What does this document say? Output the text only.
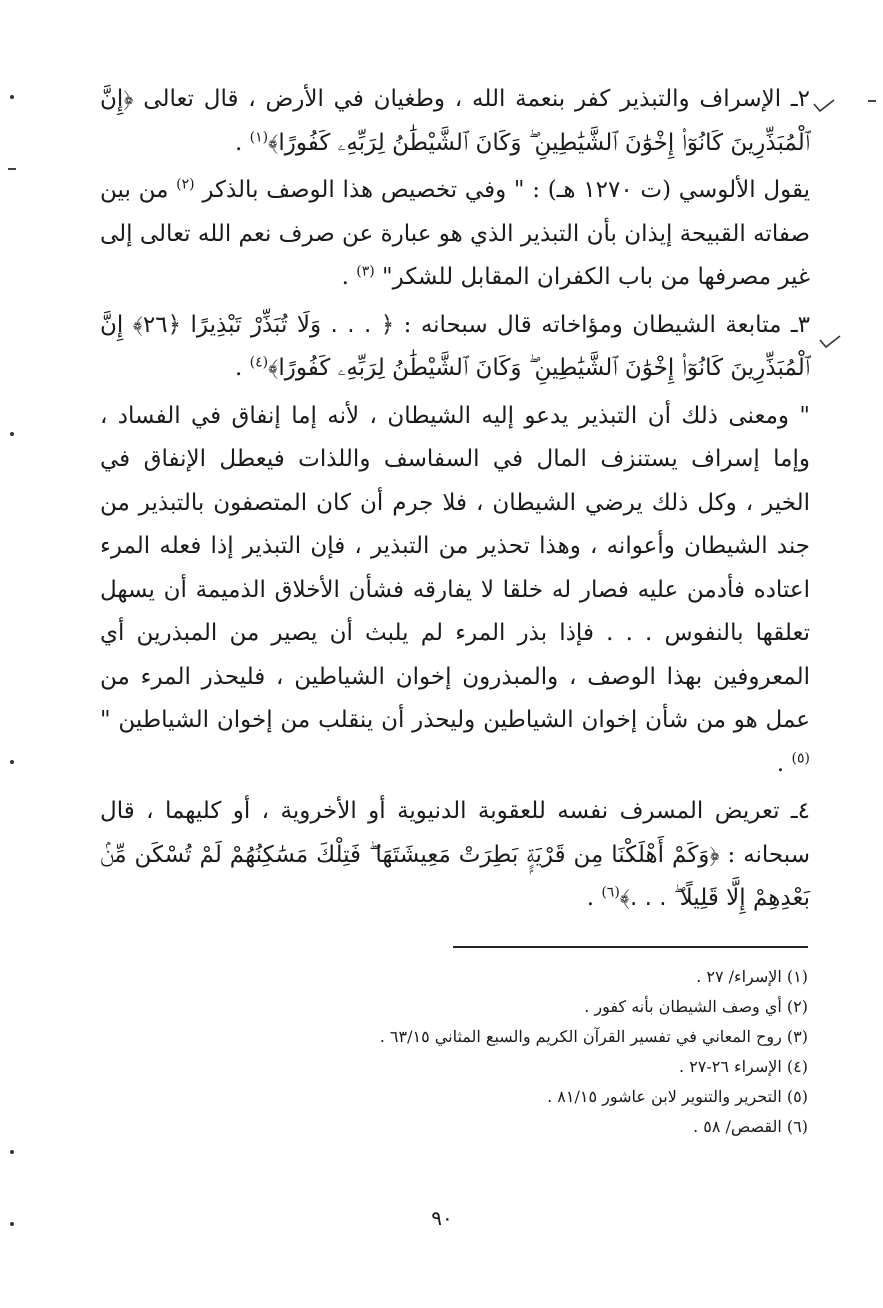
٢ـ الإسراف والتبذير كفر بنعمة الله ، وطغيان في الأرض ، قال تعالى ﴿إِنَّ ٱلْمُبَذِّرِينَ كَانُوٓا۟ إِخْوَٰنَ ٱلشَّيَٰطِينِ ۖ وَكَانَ ٱلشَّيْطَٰنُ لِرَبِّهِۦ كَفُورًا﴾$^{(١)}$ .

يقول الألوسي (ت ١٢٧٠ هـ) : " وفي تخصيص هذا الوصف بالذكر $^{(٢)}$ من بين صفاته القبيحة إيذان بأن التبذير الذي هو عبارة عن صرف نعم الله تعالى إلى غير مصرفها من باب الكفران المقابل للشكر" $^{(٣)}$ .

٣ـ متابعة الشيطان ومؤاخاته قال سبحانه : ﴿ . . . وَلَا تُبَذِّرْ تَبْذِيرًا ﴿٢٦﴾ إِنَّ ٱلْمُبَذِّرِينَ كَانُوٓا۟ إِخْوَٰنَ ٱلشَّيَٰطِينِ ۖ وَكَانَ ٱلشَّيْطَٰنُ لِرَبِّهِۦ كَفُورًا﴾$^{(٤)}$ .

" ومعنى ذلك أن التبذير يدعو إليه الشيطان ، لأنه إما إنفاق في الفساد ، وإما إسراف يستنزف المال في السفاسف واللذات فيعطل الإنفاق في الخير ، وكل ذلك يرضي الشيطان ، فلا جرم أن كان المتصفون بالتبذير من جند الشيطان وأعوانه ، وهذا تحذير من التبذير ، فإن التبذير إذا فعله المرء اعتاده فأدمن عليه فصار له خلقا لا يفارقه فشأن الأخلاق الذميمة أن يسهل تعلقها بالنفوس . . . فإذا بذر المرء لم يلبث أن يصير من المبذرين أي المعروفين بهذا الوصف ، والمبذرون إخوان الشياطين ، فليحذر المرء من عمل هو من شأن إخوان الشياطين وليحذر أن ينقلب من إخوان الشياطين " $^{(٥)}$ .

٤ـ تعريض المسرف نفسه للعقوبة الدنيوية أو الأخروية ، أو كليهما ، قال سبحانه : ﴿وَكَمْ أَهْلَكْنَا مِن قَرْيَةٍۭ بَطِرَتْ مَعِيشَتَهَا ۖ فَتِلْكَ مَسَٰكِنُهُمْ لَمْ تُسْكَن مِّنۢ بَعْدِهِمْ إِلَّا قَلِيلًا ۖ . . .﴾$^{(٦)}$ .

(١) الإسراء/ ٢٧ .
(٢) أي وصف الشيطان بأنه كفور .
(٣) روح المعاني في تفسير القرآن الكريم والسبع المثاني ٦٣/١٥ .
(٤) الإسراء ٢٦-٢٧ .
(٥) التحرير والتنوير لابن عاشور ٨١/١٥ .
(٦) القصص/ ٥٨ .
٩٠
